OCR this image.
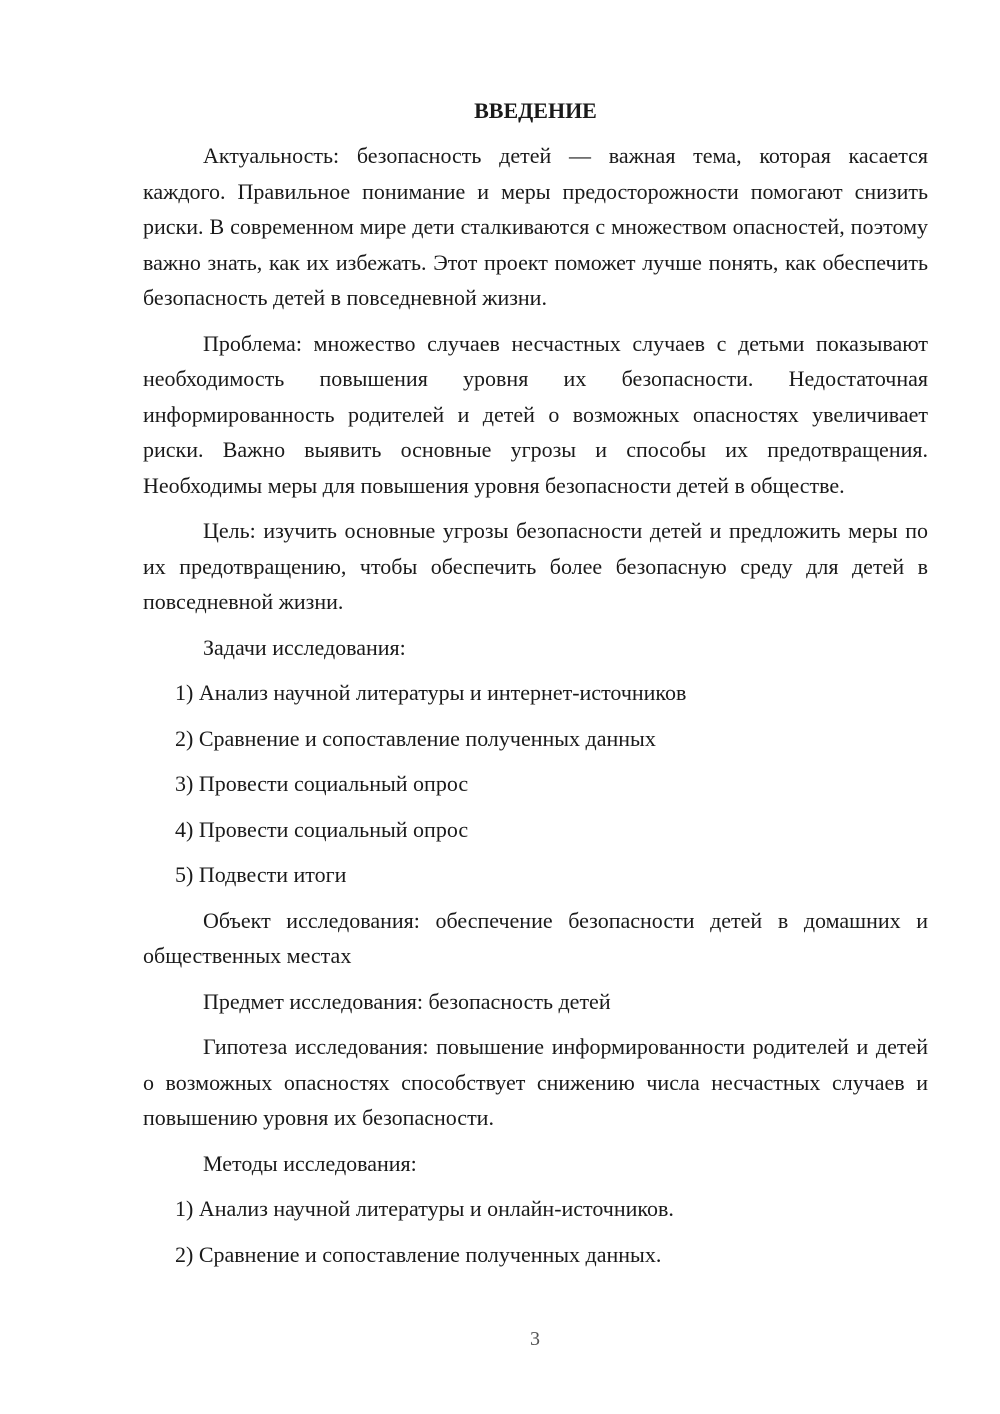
ВВЕДЕНИЕ
Актуальность: безопасность детей — важная тема, которая касается каждого. Правильное понимание и меры предосторожности помогают снизить риски. В современном мире дети сталкиваются с множеством опасностей, поэтому важно знать, как их избежать. Этот проект поможет лучше понять, как обеспечить безопасность детей в повседневной жизни.
Проблема: множество случаев несчастных случаев с детьми показывают необходимость повышения уровня их безопасности. Недостаточная информированность родителей и детей о возможных опасностях увеличивает риски. Важно выявить основные угрозы и способы их предотвращения. Необходимы меры для повышения уровня безопасности детей в обществе.
Цель: изучить основные угрозы безопасности детей и предложить меры по их предотвращению, чтобы обеспечить более безопасную среду для детей в повседневной жизни.
Задачи исследования:
1) Анализ научной литературы и интернет-источников
2) Сравнение и сопоставление полученных данных
3) Провести социальный опрос
4) Провести социальный опрос
5) Подвести итоги
Объект исследования: обеспечение безопасности детей в домашних и общественных местах
Предмет исследования: безопасность детей
Гипотеза исследования: повышение информированности родителей и детей о возможных опасностях способствует снижению числа несчастных случаев и повышению уровня их безопасности.
Методы исследования:
1) Анализ научной литературы и онлайн-источников.
2) Сравнение и сопоставление полученных данных.
3
